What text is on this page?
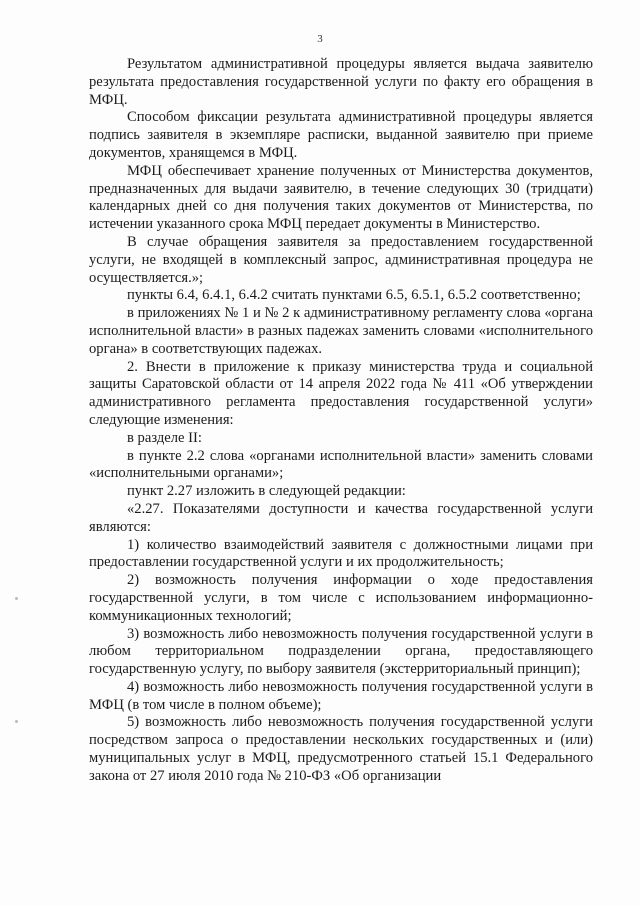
3

Результатом административной процедуры является выдача заявителю результата предоставления государственной услуги по факту его обращения в МФЦ.

Способом фиксации результата административной процедуры является подпись заявителя в экземпляре расписки, выданной заявителю при приеме документов, хранящемся в МФЦ.

МФЦ обеспечивает хранение полученных от Министерства документов, предназначенных для выдачи заявителю, в течение следующих 30 (тридцати) календарных дней со дня получения таких документов от Министерства, по истечении указанного срока МФЦ передает документы в Министерство.

В случае обращения заявителя за предоставлением государственной услуги, не входящей в комплексный запрос, административная процедура не осуществляется.»;

пункты 6.4, 6.4.1, 6.4.2 считать пунктами 6.5, 6.5.1, 6.5.2 соответственно;

в приложениях № 1 и № 2 к административному регламенту слова «органа исполнительной власти» в разных падежах заменить словами «исполнительного органа» в соответствующих падежах.

2. Внести в приложение к приказу министерства труда и социальной защиты Саратовской области от 14 апреля 2022 года № 411 «Об утверждении административного регламента предоставления государственной услуги» следующие изменения:

в разделе II:

в пункте 2.2 слова «органами исполнительной власти» заменить словами «исполнительными органами»;

пункт 2.27 изложить в следующей редакции:

«2.27. Показателями доступности и качества государственной услуги являются:

1) количество взаимодействий заявителя с должностными лицами при предоставлении государственной услуги и их продолжительность;

2) возможность получения информации о ходе предоставления государственной услуги, в том числе с использованием информационно-коммуникационных технологий;

3) возможность либо невозможность получения государственной услуги в любом территориальном подразделении органа, предоставляющего государственную услугу, по выбору заявителя (экстерриториальный принцип);

4) возможность либо невозможность получения государственной услуги в МФЦ (в том числе в полном объеме);

5) возможность либо невозможность получения государственной услуги посредством запроса о предоставлении нескольких государственных и (или) муниципальных услуг в МФЦ, предусмотренного статьей 15.1 Федерального закона от 27 июля 2010 года № 210-ФЗ «Об организации
